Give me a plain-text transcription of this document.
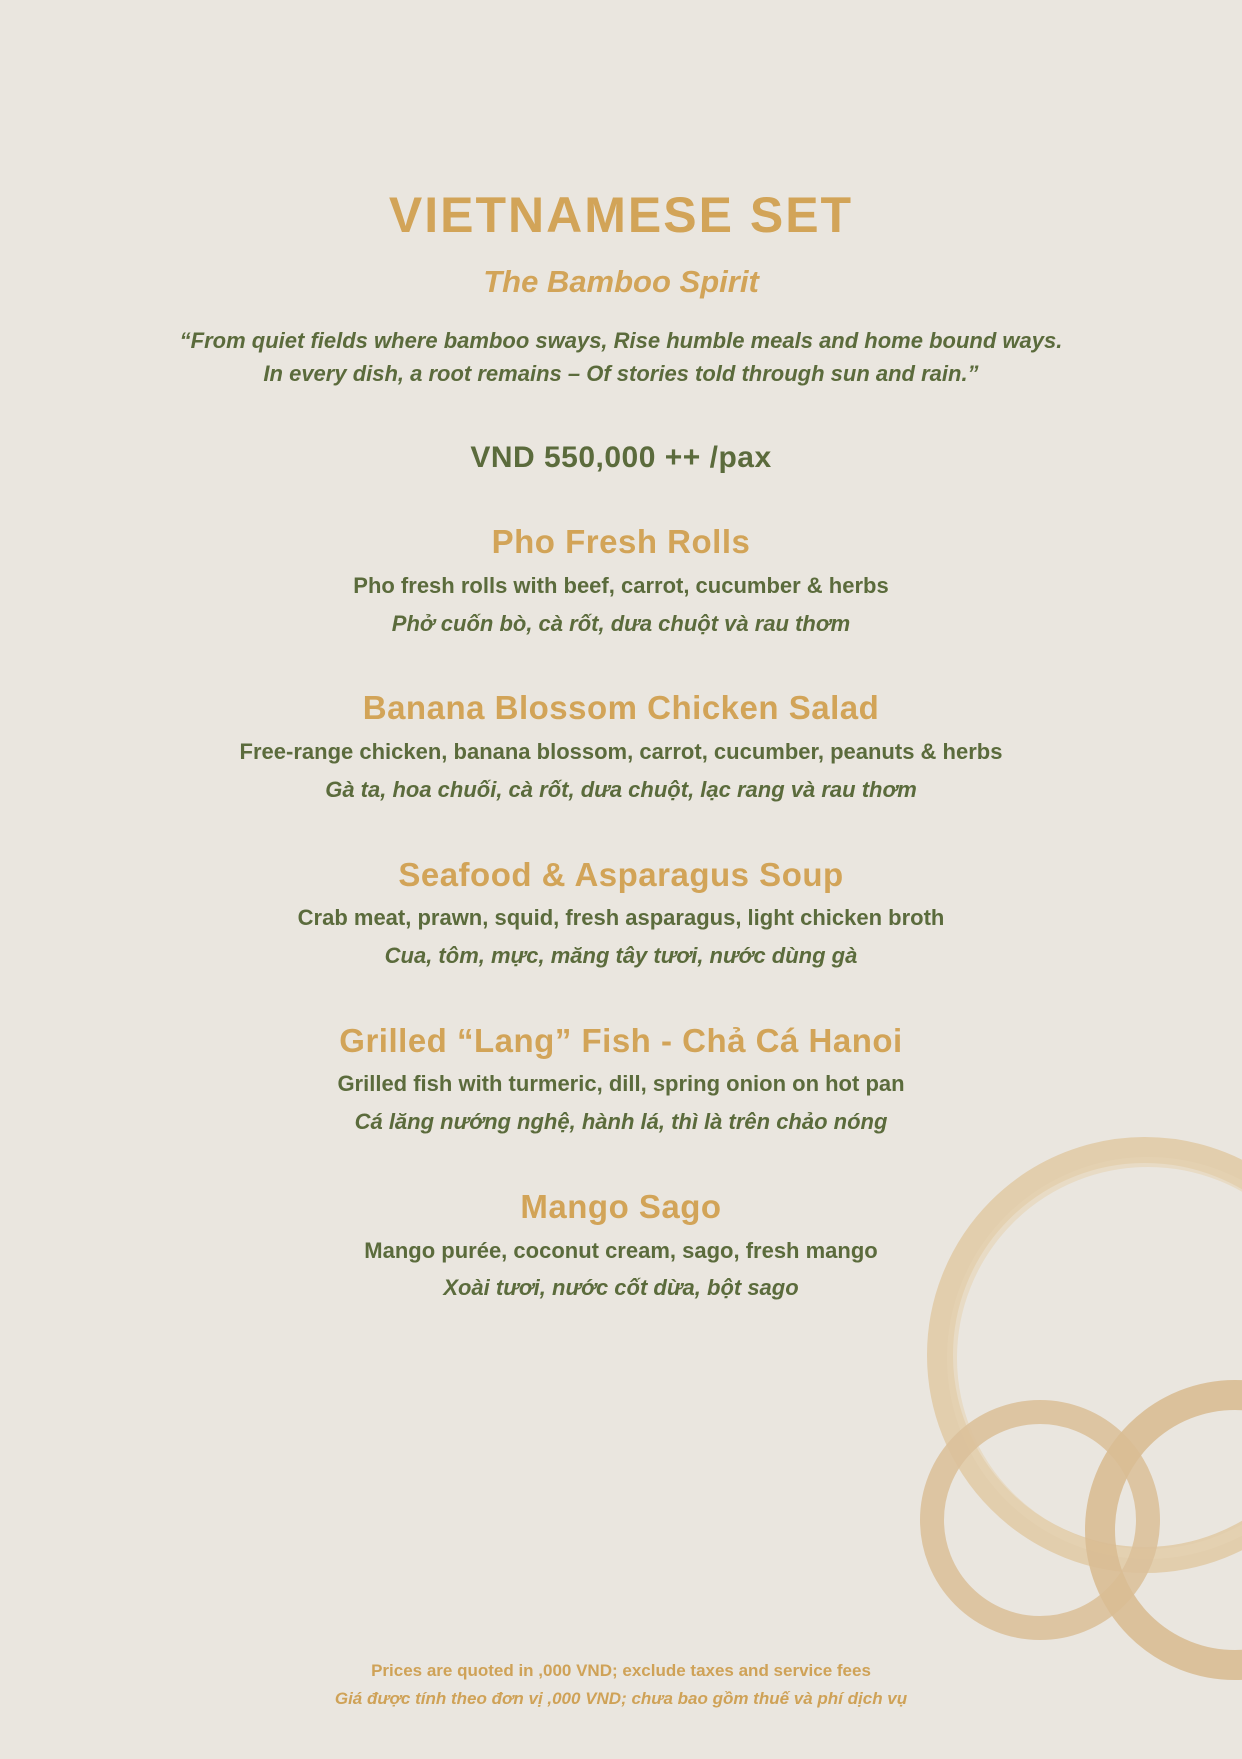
VIETNAMESE SET
The Bamboo Spirit

“From quiet fields where bamboo sways, Rise humble meals and home bound ways.
In every dish, a root remains – Of stories told through sun and rain.”

VND 550,000 ++ /pax
Pho Fresh Rolls

Pho fresh rolls with beef, carrot, cucumber & herbs

Phở cuốn bò, cà rốt, dưa chuột và rau thơm

Banana Blossom Chicken Salad

Free-range chicken, banana blossom, carrot, cucumber, peanuts & herbs

Gà ta, hoa chuối, cà rốt, dưa chuột, lạc rang và rau thơm

Seafood & Asparagus Soup

Crab meat, prawn, squid, fresh asparagus, light chicken broth

Cua, tôm, mực, măng tây tươi, nước dùng gà

Grilled “Lang” Fish - Chả Cá Hanoi

Grilled fish with turmeric, dill, spring onion on hot pan

Cá lăng nướng nghệ, hành lá, thì là trên chảo nóng

Mango Sago

Mango purée, coconut cream, sago, fresh mango

Xoài tươi, nước cốt dừa, bột sago

Prices are quoted in ,000 VND; exclude taxes and service fees
Giá được tính theo đơn vị ,000 VND; chưa bao gồm thuế và phí dịch vụ
